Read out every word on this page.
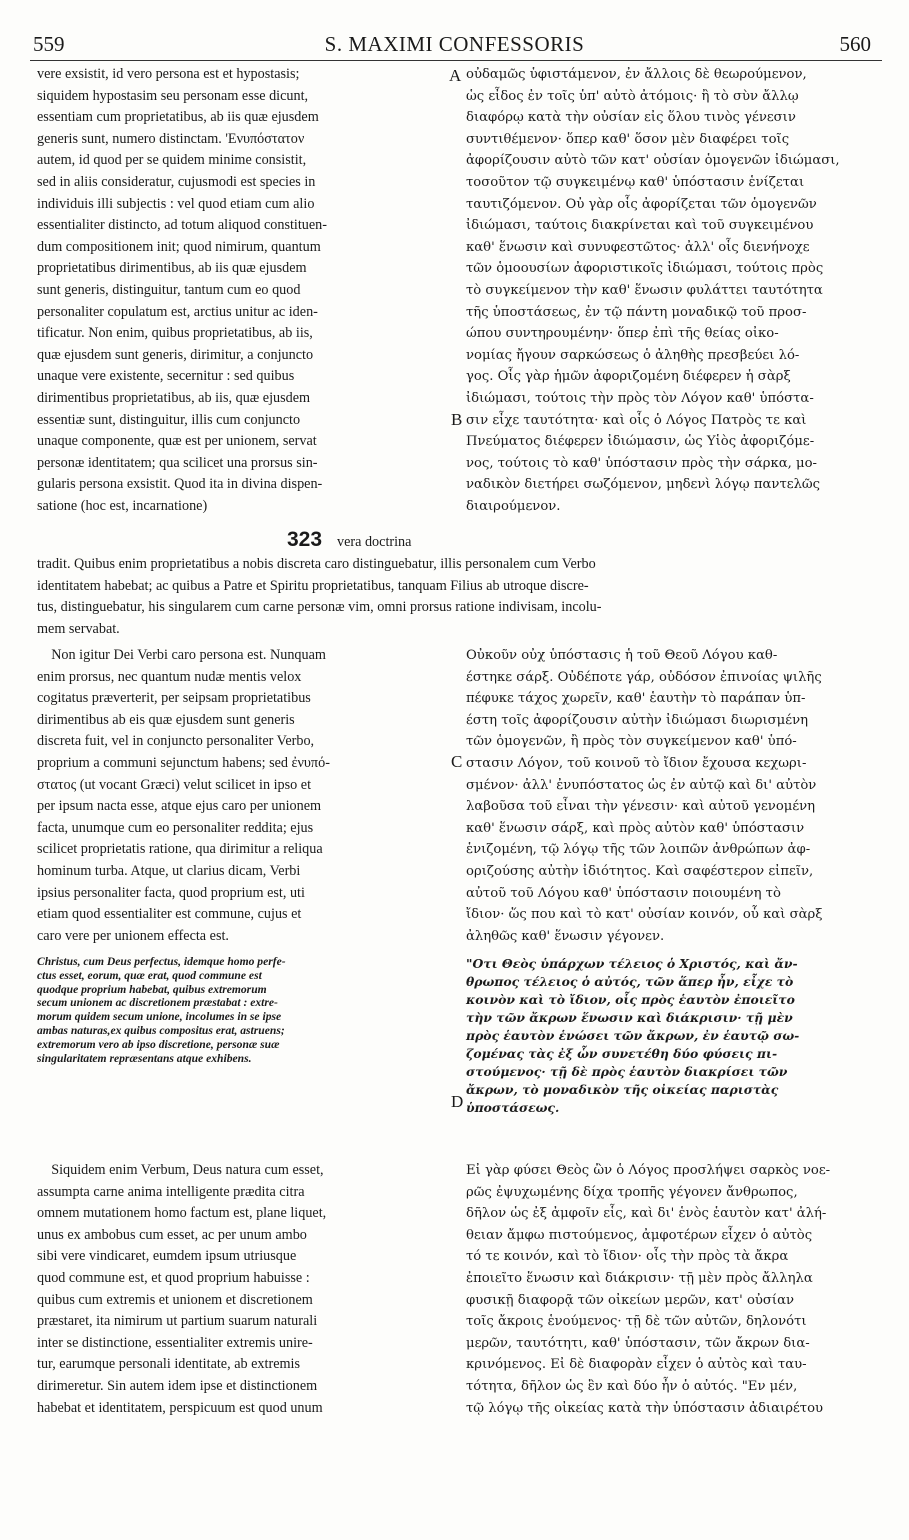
559	S. MAXIMI CONFESSORIS	560

vere exsistit, id vero persona est et hypostasis;
siquidem hypostasim seu personam esse dicunt,
essentiam cum proprietatibus, ab iis quæ ejusdem
generis sunt, numero distinctam. 'Ενυπόστατον
autem, id quod per se quidem minime consistit,
sed in aliis consideratur, cujusmodi est species in
individuis illi subjectis : vel quod etiam cum alio
essentialiter distincto, ad totum aliquod constituen-
dum compositionem init; quod nimirum, quantum
proprietatibus dirimentibus, ab iis quæ ejusdem
sunt generis, distinguitur, tantum cum eo quod
personaliter copulatum est, arctius unitur ac iden-
tificatur. Non enim, quibus proprietatibus, ab iis,
quæ ejusdem sunt generis, dirimitur, a conjuncto
unaque vere existente, secernitur : sed quibus
dirimentibus proprietatibus, ab iis, quæ ejusdem
essentiæ sunt, distinguitur, illis cum conjuncto
unaque componente, quæ est per unionem, servat
personæ identitatem; qua scilicet una prorsus sin-
gularis persona exsistit. Quod ita in divina dispen-
satione (hoc est, incarnatione)

323 vera doctrina

οὐδαμῶς ὑφιστάμενον, ἐν ἄλλοις δὲ θεωρούμενον,
ὡς εἶδος ἐν τοῖς ὑπ' αὐτὸ ἀτόμοις· ἢ τὸ σὺν ἄλλῳ
διαφόρῳ κατὰ τὴν οὐσίαν εἰς ὅλου τινὸς γένεσιν
συντιθέμενον· ὅπερ καθ' ὅσον μὲν διαφέρει τοῖς
ἀφορίζουσιν αὐτὸ τῶν κατ' οὐσίαν ὁμογενῶν ἰδιώμασι,
τοσοῦτον τῷ συγκειμένῳ καθ' ὑπόστασιν ἑνίζεται
ταυτιζόμενον. Οὐ γὰρ οἷς ἀφορίζεται τῶν ὁμογενῶν
ἰδιώμασι, ταύτοις διακρίνεται καὶ τοῦ συγκειμένου
καθ' ἕνωσιν καὶ συνυφεστῶτος· ἀλλ' οἷς διενήνοχε
τῶν ὁμοουσίων ἀφοριστικοῖς ἰδιώμασι, τούτοις πρὸς
τὸ συγκείμενον τὴν καθ' ἕνωσιν φυλάττει ταυτότητα
τῆς ὑποστάσεως, ἐν τῷ πάντη μοναδικῷ τοῦ προσ-
ώπου συντηρουμένην· ὅπερ ἐπὶ τῆς θείας οἰκο-
νομίας ἤγουν σαρκώσεως ὁ ἀληθὴς πρεσβεύει λό-
γος. Οἷς γὰρ ἡμῶν ἀφοριζομένη διέφερεν ἡ σὰρξ
ἰδιώμασι, τούτοις τὴν πρὸς τὸν Λόγον καθ' ὑπόστα-
σιν εἶχε ταυτότητα· καὶ οἷς ὁ Λόγος Πατρὸς τε καὶ
Πνεύματος διέφερεν ἰδιώμασιν, ὡς Υἱὸς ἀφοριζόμε-
νος, τούτοις τὸ καθ' ὑπόστασιν πρὸς τὴν σάρκα, μο-
ναδικὸν διετήρει σωζόμενον, μηδενὶ λόγῳ παντελῶς
διαιρούμενον.

A
B
C
D

tradit. Quibus enim proprietatibus a nobis discreta caro distinguebatur, illis personalem cum Verbo
identitatem habebat; ac quibus a Patre et Spiritu proprietatibus, tanquam Filius ab utroque discre-
tus, distinguebatur, his singularem cum carne personæ vim, omni prorsus ratione indivisam, incolu-
mem servabat.

Non igitur Dei Verbi caro persona est. Nunquam
enim prorsus, nec quantum nudæ mentis velox
cogitatus præverterit, per seipsam proprietatibus
dirimentibus ab eis quæ ejusdem sunt generis
discreta fuit, vel in conjuncto personaliter Verbo,
proprium a communi sejunctum habens; sed ἐνυπό-
στατος (ut vocant Græci) velut scilicet in ipso et
per ipsum nacta esse, atque ejus caro per unionem
facta, unumque cum eo personaliter reddita; ejus
scilicet proprietatis ratione, qua dirimitur a reliqua
hominum turba. Atque, ut clarius dicam, Verbi
ipsius personaliter facta, quod proprium est, uti
etiam quod essentialiter est commune, cujus et
caro vere per unionem effecta est.

Οὐκοῦν οὐχ ὑπόστασις ἡ τοῦ Θεοῦ Λόγου καθ-
έστηκε σάρξ. Οὐδέποτε γάρ, οὐδόσον ἐπινοίας ψιλῆς
πέφυκε τάχος χωρεῖν, καθ' ἑαυτὴν τὸ παράπαν ὑπ-
έστη τοῖς ἀφορίζουσιν αὐτὴν ἰδιώμασι διωρισμένη
τῶν ὁμογενῶν, ἢ πρὸς τὸν συγκείμενον καθ' ὑπό-
στασιν Λόγον, τοῦ κοινοῦ τὸ ἴδιον ἔχουσα κεχωρι-
σμένον· ἀλλ' ἐνυπόστατος ὡς ἐν αὐτῷ καὶ δι' αὐτὸν
λαβοῦσα τοῦ εἶναι τὴν γένεσιν· καὶ αὐτοῦ γενομένη
καθ' ἕνωσιν σάρξ, καὶ πρὸς αὐτὸν καθ' ὑπόστασιν
ἑνιζομένη, τῷ λόγῳ τῆς τῶν λοιπῶν ἀνθρώπων ἀφ-
οριζούσης αὐτὴν ἰδιότητος. Καὶ σαφέστερον εἰπεῖν,
αὐτοῦ τοῦ Λόγου καθ' ὑπόστασιν ποιουμένη τὸ
ἴδιον· ὥς που καὶ τὸ κατ' οὐσίαν κοινόν, οὗ καὶ σὰρξ
ἀληθῶς καθ' ἕνωσιν γέγονεν.

Christus, cum Deus perfectus, idemque homo perfe-
ctus esset, eorum, quæ erat, quod commune est
quodque proprium habebat, quibus extremorum
secum unionem ac discretionem præstabat : extre-
morum quidem secum unione, incolumes in se ipse
ambas naturas,ex quibus compositus erat, astruens;
extremorum vero ab ipso discretione, personæ suæ
singularitatem repræsentans atque exhibens.

"Οτι Θεὸς ὑπάρχων τέλειος ὁ Χριστός, καὶ ἄν-
θρωπος τέλειος ὁ αὐτός, τῶν ἅπερ ἦν, εἶχε τὸ
κοινὸν καὶ τὸ ἴδιον, οἷς πρὸς ἑαυτὸν ἐποιεῖτο
τὴν τῶν ἄκρων ἕνωσιν καὶ διάκρισιν· τῇ μὲν
πρὸς ἑαυτὸν ἑνώσει τῶν ἄκρων, ἐν ἑαυτῷ σω-
ζομένας τὰς ἐξ ὧν συνετέθη δύο φύσεις πι-
στούμενος· τῇ δὲ πρὸς ἑαυτὸν διακρίσει τῶν
ἄκρων, τὸ μοναδικὸν τῆς οἰκείας παριστὰς
ὑποστάσεως.

Siquidem enim Verbum, Deus natura cum esset,
assumpta carne anima intelligente prædita citra
omnem mutationem homo factum est, plane liquet,
unus ex ambobus cum esset, ac per unum ambo
sibi vere vindicaret, eumdem ipsum utriusque
quod commune est, et quod proprium habuisse :
quibus cum extremis et unionem et discretionem
præstaret, ita nimirum ut partium suarum naturali
inter se distinctione, essentialiter extremis unire-
tur, earumque personali identitate, ab extremis
dirimeretur. Sin autem idem ipse et distinctionem
habebat et identitatem, perspicuum est quod unum

Εἰ γὰρ φύσει Θεὸς ὢν ὁ Λόγος προσλήψει σαρκὸς νοε-
ρῶς ἐψυχωμένης δίχα τροπῆς γέγονεν ἄνθρωπος,
δῆλον ὡς ἐξ ἀμφοῖν εἷς, καὶ δι' ἑνὸς ἑαυτὸν κατ' ἀλή-
θειαν ἄμφω πιστούμενος, ἀμφοτέρων εἶχεν ὁ αὐτὸς
τό τε κοινόν, καὶ τὸ ἴδιον· οἷς τὴν πρὸς τὰ ἄκρα
ἐποιεῖτο ἕνωσιν καὶ διάκρισιν· τῇ μὲν πρὸς ἄλληλα
φυσικῇ διαφορᾷ τῶν οἰκείων μερῶν, κατ' οὐσίαν
τοῖς ἄκροις ἑνούμενος· τῇ δὲ τῶν αὐτῶν, δηλονότι
μερῶν, ταυτότητι, καθ' ὑπόστασιν, τῶν ἄκρων δια-
κρινόμενος. Εἰ δὲ διαφορὰν εἶχεν ὁ αὐτὸς καὶ ταυ-
τότητα, δῆλον ὡς ἓν καὶ δύο ἦν ὁ αὐτός. "Εν μέν,
τῷ λόγῳ τῆς οἰκείας κατὰ τὴν ὑπόστασιν ἀδιαιρέτου
